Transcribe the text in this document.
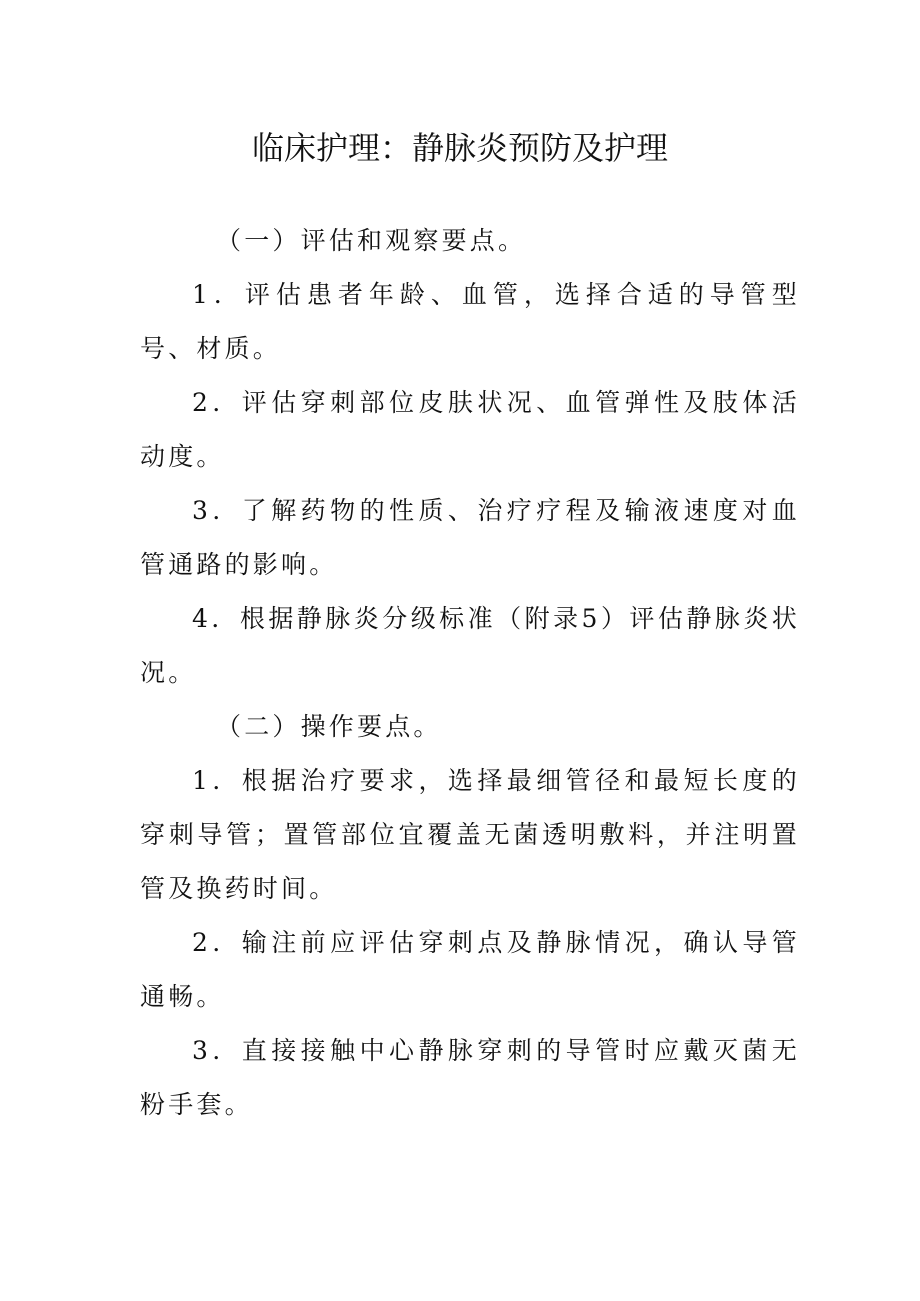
临床护理：静脉炎预防及护理

（一）评估和观察要点。

1．评估患者年龄、血管，选择合适的导管型号、材质。

2．评估穿刺部位皮肤状况、血管弹性及肢体活动度。

3．了解药物的性质、治疗疗程及输液速度对血管通路的影响。

4．根据静脉炎分级标准（附录5）评估静脉炎状况。

（二）操作要点。

1．根据治疗要求，选择最细管径和最短长度的穿刺导管；置管部位宜覆盖无菌透明敷料，并注明置管及换药时间。

2．输注前应评估穿刺点及静脉情况，确认导管通畅。

3．直接接触中心静脉穿刺的导管时应戴灭菌无粉手套。
